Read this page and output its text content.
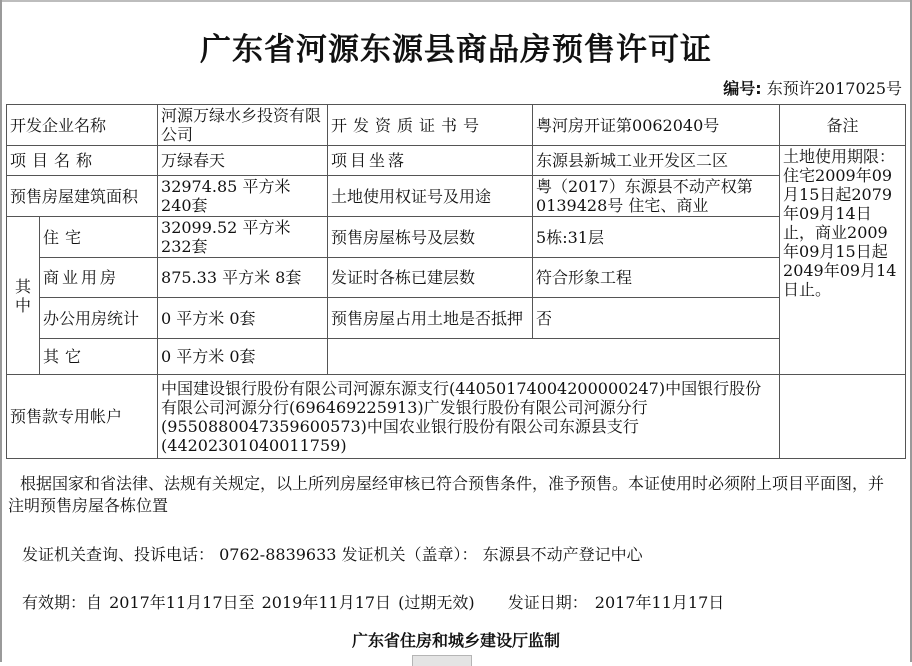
广东省河源东源县商品房预售许可证
编号: 东预许2017025号
开发企业名称		河源万绿水乡投资有限公司	开发资质证书号	粤河房开证第0062040号	备注
项目名称		万绿春天	项目坐落	东源县新城工业开发区二区	土地使用期限：住宅2009年09月15日起2079年09月14日止，商业2009年09月15日起2049年09月14日止。
预售房屋建筑面积		32974.85 平方米 240套	土地使用权证号及用途	粤（2017）东源县不动产权第0139428号 住宅、商业	
其 中	住宅	32099.52 平方米 232套	预售房屋栋号及层数	5栋:31层	
	商业用房	875.33 平方米 8套	发证时各栋已建层数	符合形象工程	
	办公用房统计	0 平方米 0套	预售房屋占用土地是否抵押	否	
	其它	0 平方米 0套			
预售款专用帐户		中国建设银行股份有限公司河源东源支行(44050174004200000247)中国银行股份有限公司河源分行(696469225913)广发银行股份有限公司河源分行(9550880047359600573)中国农业银行股份有限公司东源县支行(44202301040011759)			
根据国家和省法律、法规有关规定，以上所列房屋经审核已符合预售条件，准予预售。本证使用时必须附上项目平面图，并注明预售房屋各栋位置
发证机关查询、投诉电话： 0762-8839633 发证机关（盖章）： 东源县不动产登记中心
有效期：自 2017年11月17日至 2019年11月17日 (过期无效) 发证日期： 2017年11月17日
广东省住房和城乡建设厅监制
